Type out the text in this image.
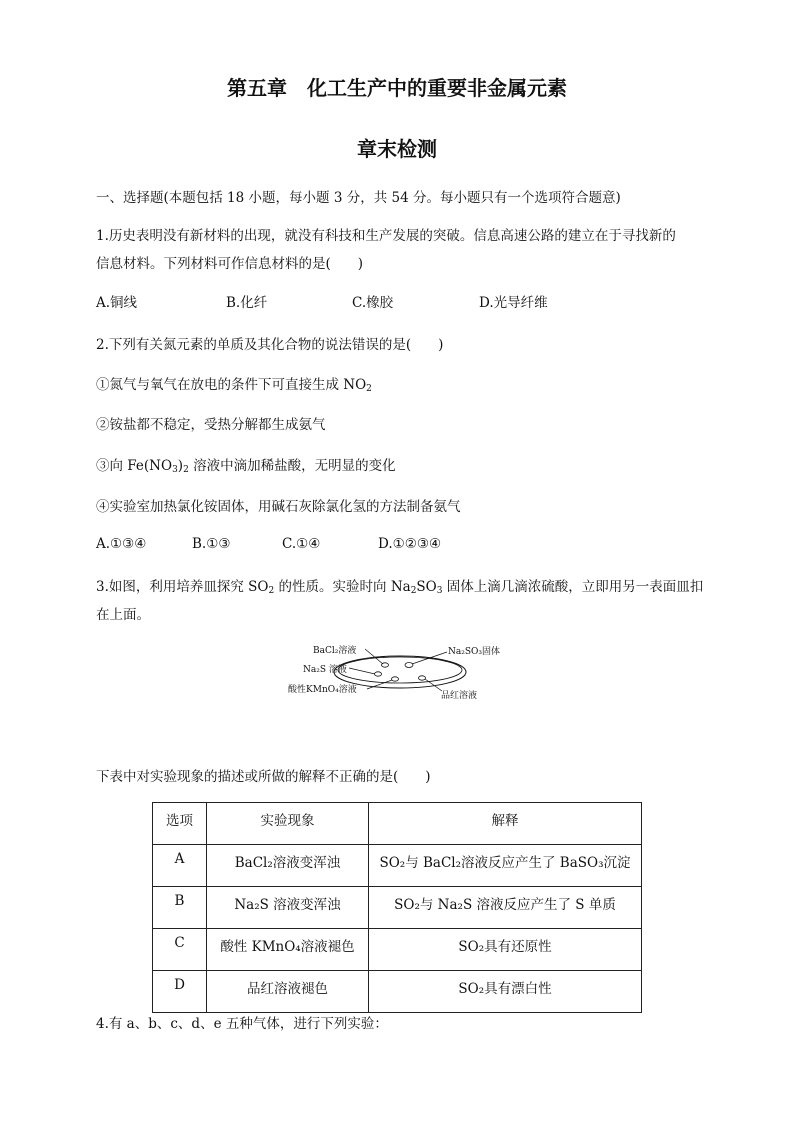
第五章　化工生产中的重要非金属元素
章末检测
一、选择题(本题包括 18 小题，每小题 3 分，共 54 分。每小题只有一个选项符合题意)
1.历史表明没有新材料的出现，就没有科技和生产发展的突破。信息高速公路的建立在于寻找新的
信息材料。下列材料可作信息材料的是(　　)
A.铜线	B.化纤	C.橡胶	D.光导纤维
2.下列有关氮元素的单质及其化合物的说法错误的是(　　)
①氮气与氧气在放电的条件下可直接生成 $NO_2$
②铵盐都不稳定，受热分解都生成氨气
③向 $Fe(NO_3)_2$ 溶液中滴加稀盐酸，无明显的变化
④实验室加热氯化铵固体，用碱石灰除氯化氢的方法制备氨气
A.①③④	B.①③	C.①④	D.①②③④
3.如图，利用培养皿探究 $SO_2$ 的性质。实验时向 $Na_2SO_3$ 固体上滴几滴浓硫酸，立即用另一表面皿扣
在上面。
BaCl₂溶液
Na₂S 溶液
酸性KMnO₄溶液
Na₂SO₃固体
品红溶液
下表中对实验现象的描述或所做的解释不正确的是(　　)
选项	实验现象	解释

A	BaCl₂溶液变浑浊	SO₂与 BaCl₂溶液反应产生了 BaSO₃沉淀

B	Na₂S 溶液变浑浊	SO₂与 Na₂S 溶液反应产生了 S 单质

C	酸性 KMnO₄溶液褪色	SO₂具有还原性

D	品红溶液褪色	SO₂具有漂白性
4.有 a、b、c、d、e 五种气体，进行下列实验：
